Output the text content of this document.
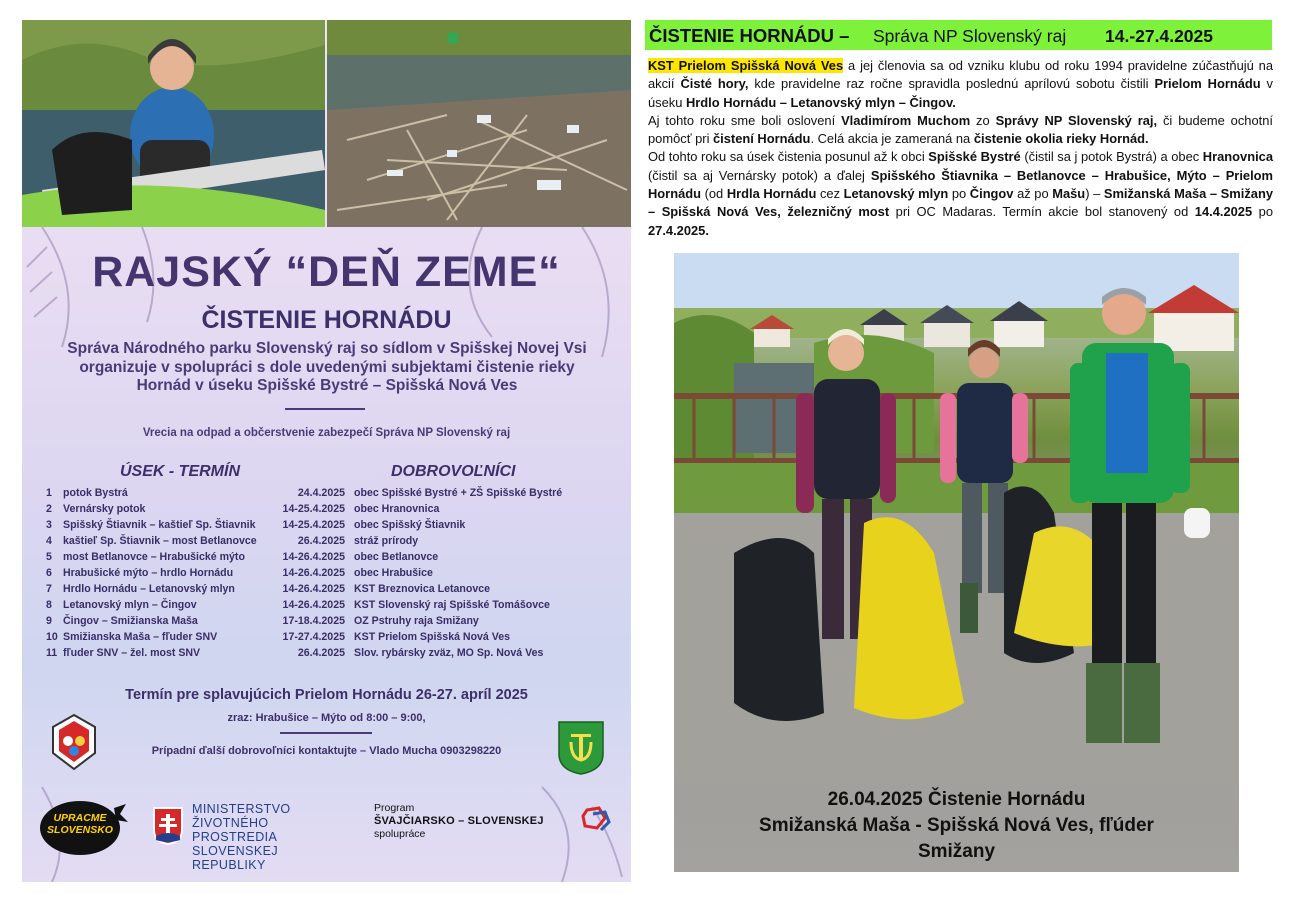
RAJSKÝ “DEŇ ZEME“
ČISTENIE HORNÁDU
Správa Národného parku Slovenský raj so sídlom v Spišskej Novej Vsi
organizuje v spolupráci s dole uvedenými subjektami čistenie rieky
Hornád v úseku Spišské Bystré – Spišská Nová Ves
Vrecia na odpad a občerstvenie zabezpečí Správa NP Slovenský raj
ÚSEK - TERMÍN	DOBROVOĽNÍCI
1 potok Bystrá	24.4.2025 obec Spišské Bystré + ZŠ Spišské Bystré
2 Vernársky potok	14-25.4.2025 obec Hranovnica
3 Spišský Štiavnik – kaštieľ Sp. Štiavnik	14-25.4.2025 obec Spišský Štiavnik
4 kaštieľ Sp. Štiavnik – most Betlanovce	26.4.2025 stráž prírody
5 most Betlanovce – Hrabušické mýto	14-26.4.2025 obec Betlanovce
6 Hrabušické mýto – hrdlo Hornádu	14-26.4.2025 obec Hrabušice
7 Hrdlo Hornádu – Letanovský mlyn	14-26.4.2025 KST Breznovica Letanovce
8 Letanovský mlyn – Čingov	14-26.4.2025 KST Slovenský raj Spišské Tomášovce
9 Čingov – Smižianska Maša	17-18.4.2025 OZ Pstruhy raja Smižany
10 Smižianska Maša – fľuder SNV	17-27.4.2025 KST Prielom Spišská Nová Ves
11 fľuder SNV – žel. most SNV	26.4.2025 Slov. rybársky zväz, MO Sp. Nová Ves
Termín pre splavujúcich Prielom Hornádu 26-27. apríl 2025
zraz: Hrabušice – Mýto od 8:00 – 9:00,
Prípadní ďalší dobrovoľníci kontaktujte – Vlado Mucha 0903298220
UPRACME
SLOVENSKO
MINISTERSTVO
ŽIVOTNÉHO PROSTREDIA
SLOVENSKEJ REPUBLIKY
Program
ŠVAJČIARSKO – SLOVENSKEJ
spolupráce
ČISTENIE HORNÁDU – Správa NP Slovenský raj 14.-27.4.2025

KST Prielom Spišská Nová Ves a jej členovia sa od vzniku klubu od roku 1994 pravidelne zúčastňujú na akcií Čisté hory, kde pravidelne raz ročne spravidla poslednú aprílovú sobotu čistili Prielom Hornádu v úseku Hrdlo Hornádu – Letanovský mlyn – Čingov.

Aj tohto roku sme boli oslovení Vladimírom Muchom zo Správy NP Slovenský raj, či budeme ochotní pomôcť pri čistení Hornádu. Celá akcia je zameraná na čistenie okolia rieky Hornád.

Od tohto roku sa úsek čistenia posunul až k obci Spišské Bystré (čistil sa j potok Bystrá) a obec Hranovnica (čistil sa aj Vernársky potok) a ďalej Spišského Štiavnika – Betlanovce – Hrabušice, Mýto – Prielom Hornádu (od Hrdla Hornádu cez Letanovský mlyn po Čingov až po Mašu) – Smižanská Maša – Smižany – Spišská Nová Ves, železničný most pri OC Madaras. Termín akcie bol stanovený od 14.4.2025 po 27.4.2025.

26.04.2025 Čistenie Hornádu
Smižanská Maša - Spišská Nová Ves, fľúder
Smižany
